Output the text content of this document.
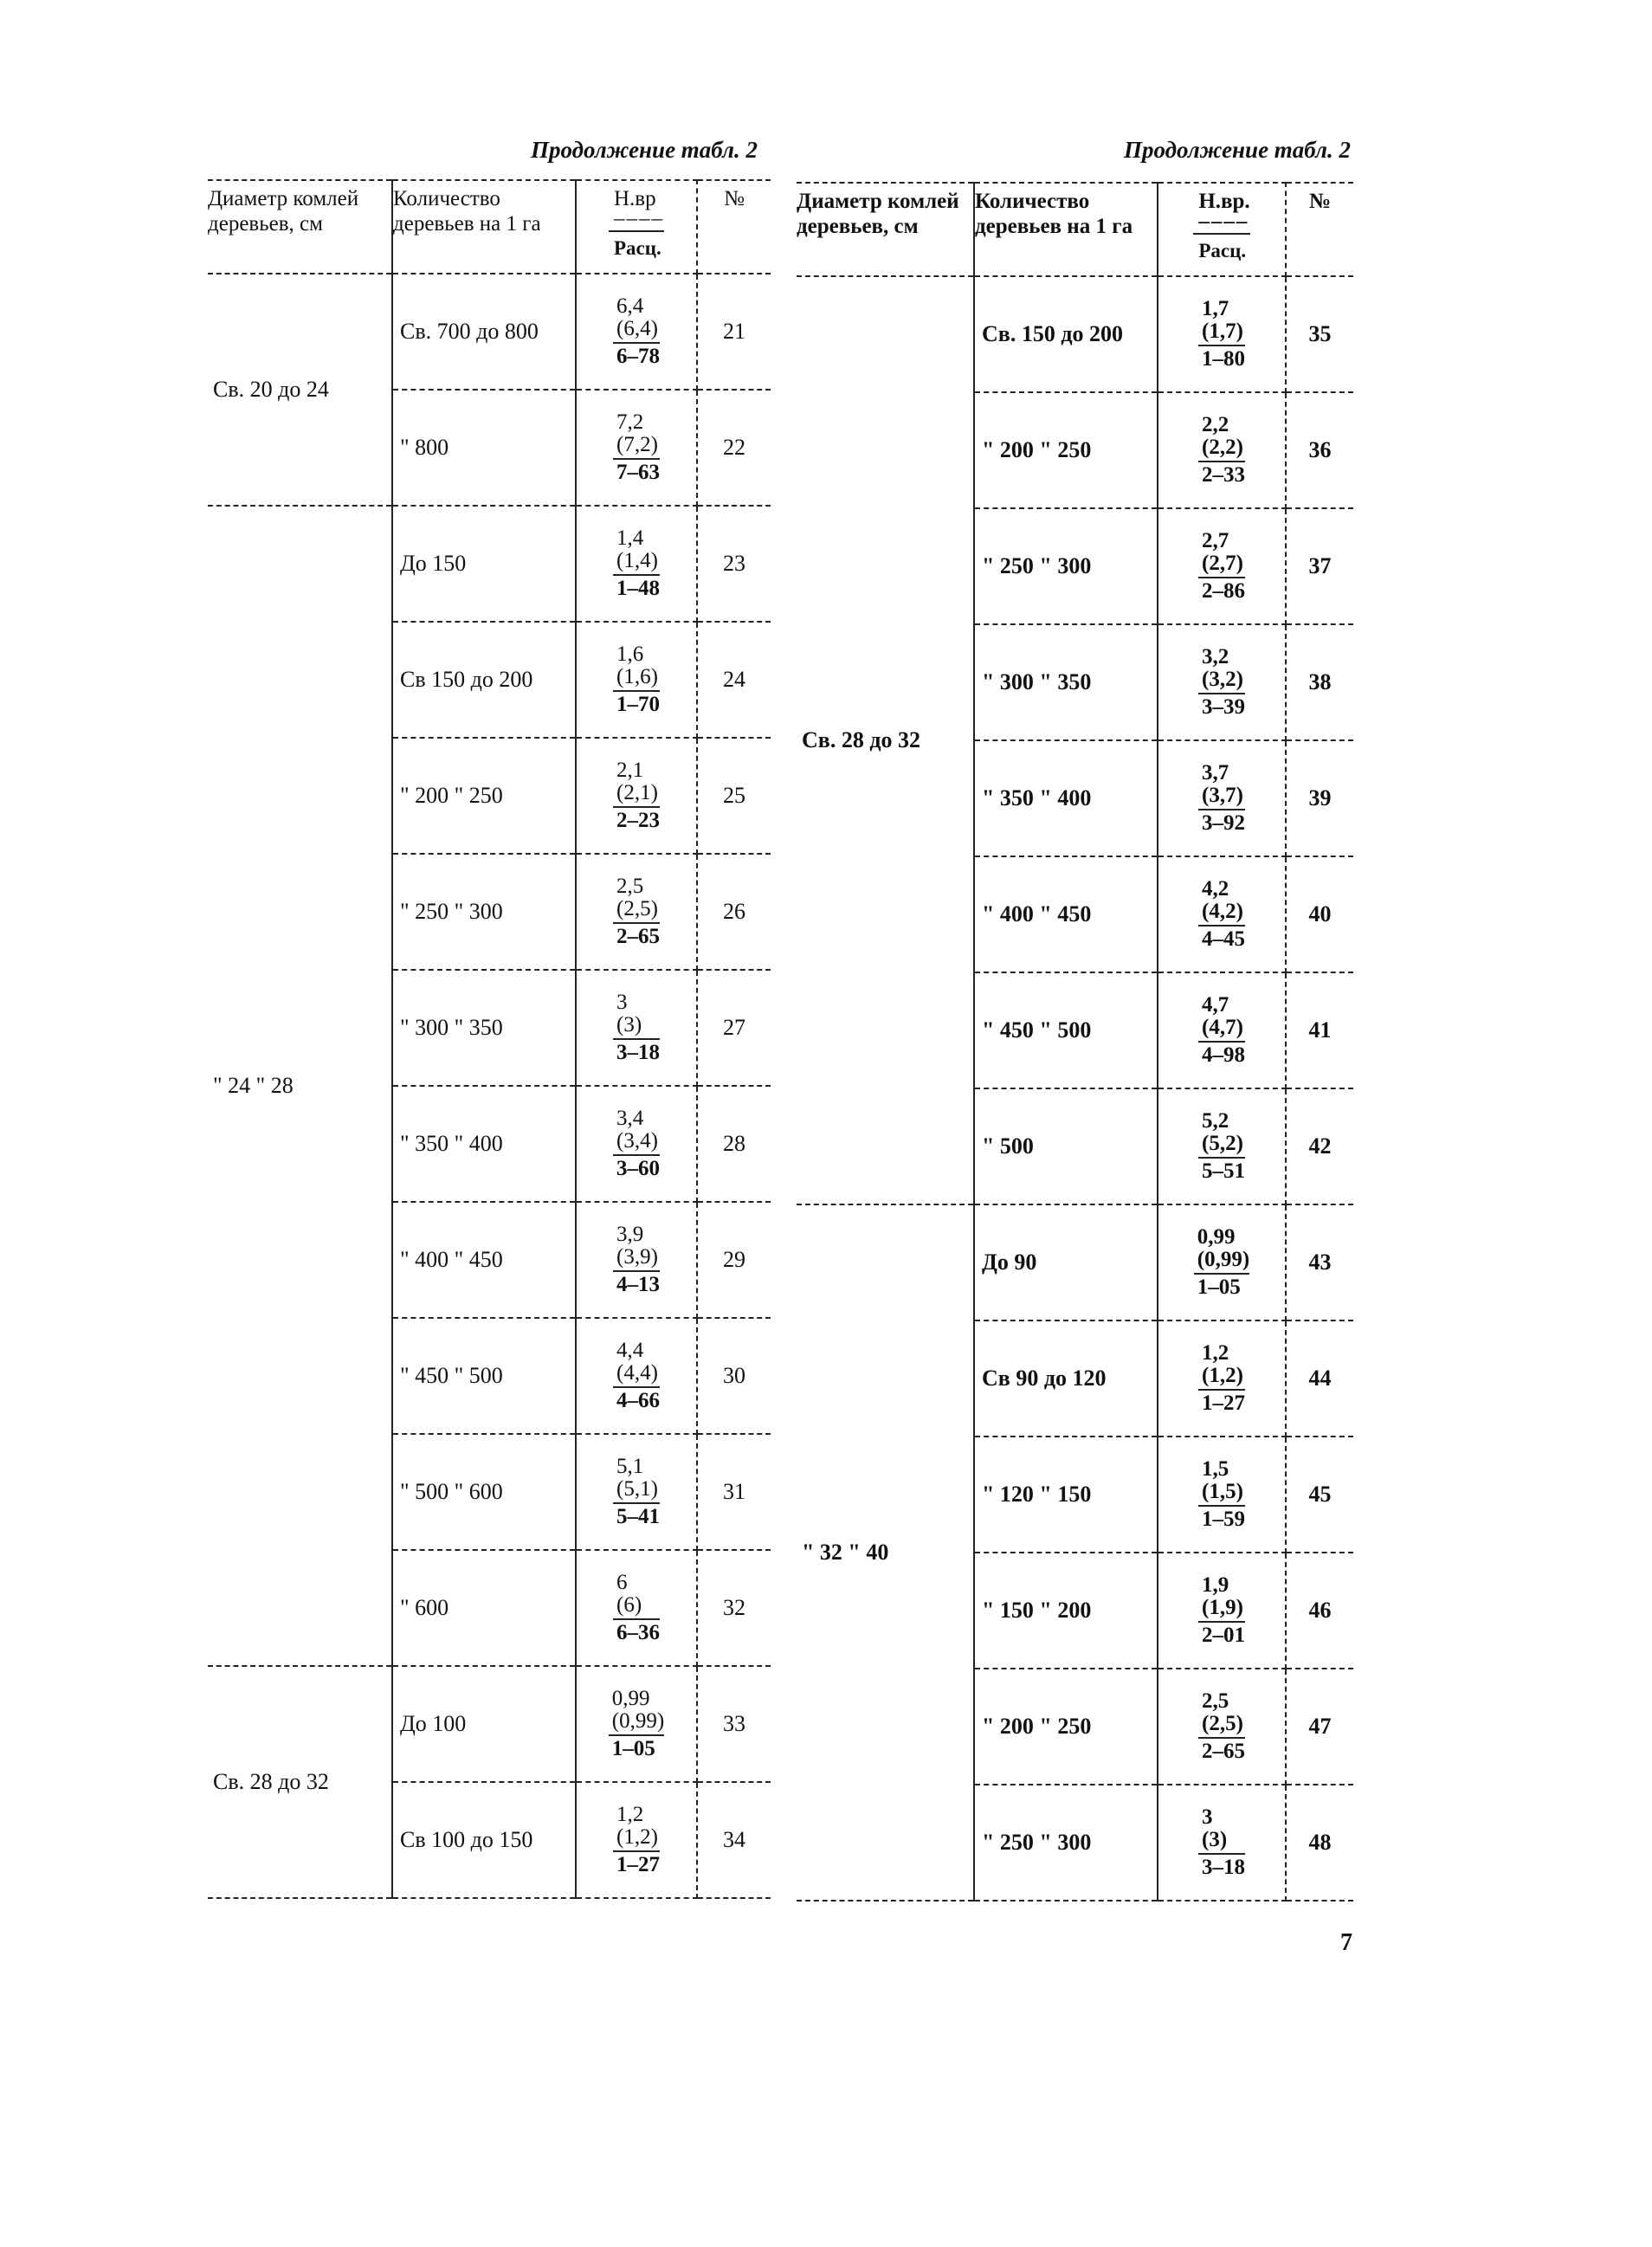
Продолжение табл. 2	Продолжение табл. 2
Диаметр комлей деревьев, см	Количество деревьев на 1 га	Н.вр
––––
Расц.	№
Св. 20 до 24	Св. 700 до 800	6,4
(6,4)
6–78	21
	" 800	7,2
(7,2)
7–63	22
" 24 " 28	До 150	1,4
(1,4)
1–48	23
	Св 150 до 200	1,6
(1,6)
1–70	24
	" 200 " 250	2,1
(2,1)
2–23	25
	" 250 " 300	2,5
(2,5)
2–65	26
	" 300 " 350	3
(3)
3–18	27
	" 350 " 400	3,4
(3,4)
3–60	28
	" 400 " 450	3,9
(3,9)
4–13	29
	" 450 " 500	4,4
(4,4)
4–66	30
	" 500 " 600	5,1
(5,1)
5–41	31
	" 600	6
(6)
6–36	32
Св. 28 до 32	До 100	0,99
(0,99)
1–05	33
	Св 100 до 150	1,2
(1,2)
1–27	34
Диаметр комлей деревьев, см	Количество деревьев на 1 га	Н.вр.
––––
Расц.	№
Св. 28 до 32	Св. 150 до 200	1,7
(1,7)
1–80	35
	" 200 " 250	2,2
(2,2)
2–33	36
	" 250 " 300	2,7
(2,7)
2–86	37
	" 300 " 350	3,2
(3,2)
3–39	38
	" 350 " 400	3,7
(3,7)
3–92	39
	" 400 " 450	4,2
(4,2)
4–45	40
	" 450 " 500	4,7
(4,7)
4–98	41
	" 500	5,2
(5,2)
5–51	42
" 32 " 40	До 90	0,99
(0,99)
1–05	43
	Св 90 до 120	1,2
(1,2)
1–27	44
	" 120 " 150	1,5
(1,5)
1–59	45
	" 150 " 200	1,9
(1,9)
2–01	46
	" 200 " 250	2,5
(2,5)
2–65	47
	" 250 " 300	3
(3)
3–18	48
7
